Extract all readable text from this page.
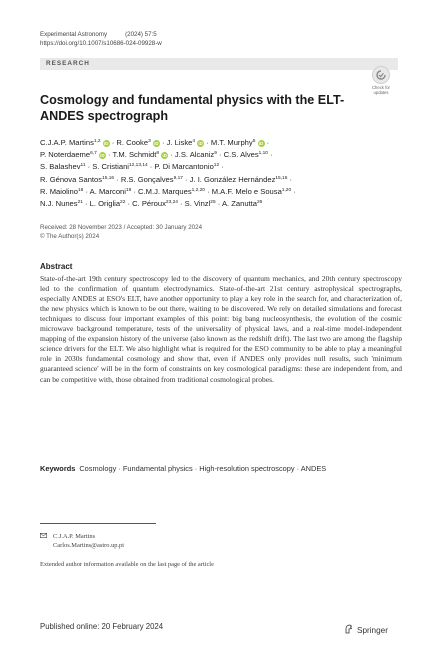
Experimental Astronomy	(2024) 57:5
https://doi.org/10.1007/s10686-024-09928-w
RESEARCH
Check for
updates
Cosmology and fundamental physics with the ELT-ANDES spectrograph
C.J.A.P. Martins$^{1,2}$ iD · R. Cooke$^3$ iD · J. Liske$^4$ iD · M.T. Murphy$^5$ iD ·
P. Noterdaeme$^{6,7}$ iD · T.M. Schmidt$^8$ iD · J.S. Alcaniz$^9$ · C.S. Alves$^{1,10}$ ·
S. Balashev$^{11}$ · S. Cristiani$^{12,13,14}$ · P. Di Marcantonio$^{12}$ ·
R. Génova Santos$^{15,16}$ · R.S. Gonçalves$^{9,17}$ · J. I. González Hernández$^{15,16}$ ·
R. Maiolino$^{18}$ · A. Marconi$^{19}$ · C.M.J. Marques$^{1,2,20}$ · M.A.F. Melo e Sousa$^{1,20}$ ·
N.J. Nunes$^{21}$ · L. Origlia$^{22}$ · C. Péroux$^{23,24}$ · S. Vinzl$^{25}$ · A. Zanutta$^{26}$
Received: 28 November 2023 / Accepted: 30 January 2024
© The Author(s) 2024
Abstract

State-of-the-art 19th century spectroscopy led to the discovery of quantum mechanics, and 20th century spectroscopy led to the confirmation of quantum electrodynamics. State-of-the-art 21st century astrophysical spectrographs, especially ANDES at ESO's ELT, have another opportunity to play a key role in the search for, and characterization of, the new physics which is known to be out there, waiting to be discovered. We rely on detailed simulations and forecast techniques to discuss four important examples of this point: big bang nucleosynthesis, the evolution of the cosmic microwave background temperature, tests of the universality of physical laws, and a real-time model-independent mapping of the expansion history of the universe (also known as the redshift drift). The last two are among the flagship science drivers for the ELT. We also highlight what is required for the ESO community to be able to play a meaningful role in 2030s fundamental cosmology and show that, even if ANDES only provides null results, such 'minimum guaranteed science' will be in the form of constraints on key cosmological paradigms: these are independent from, and can be competitive with, those obtained from traditional cosmological probes.

Keywords Cosmology · Fundamental physics · High-resolution spectroscopy · ANDES
C.J.A.P. Martins
Carlos.Martins@astro.up.pt
Extended author information available on the last page of the article
Published online: 20 February 2024	Springer
